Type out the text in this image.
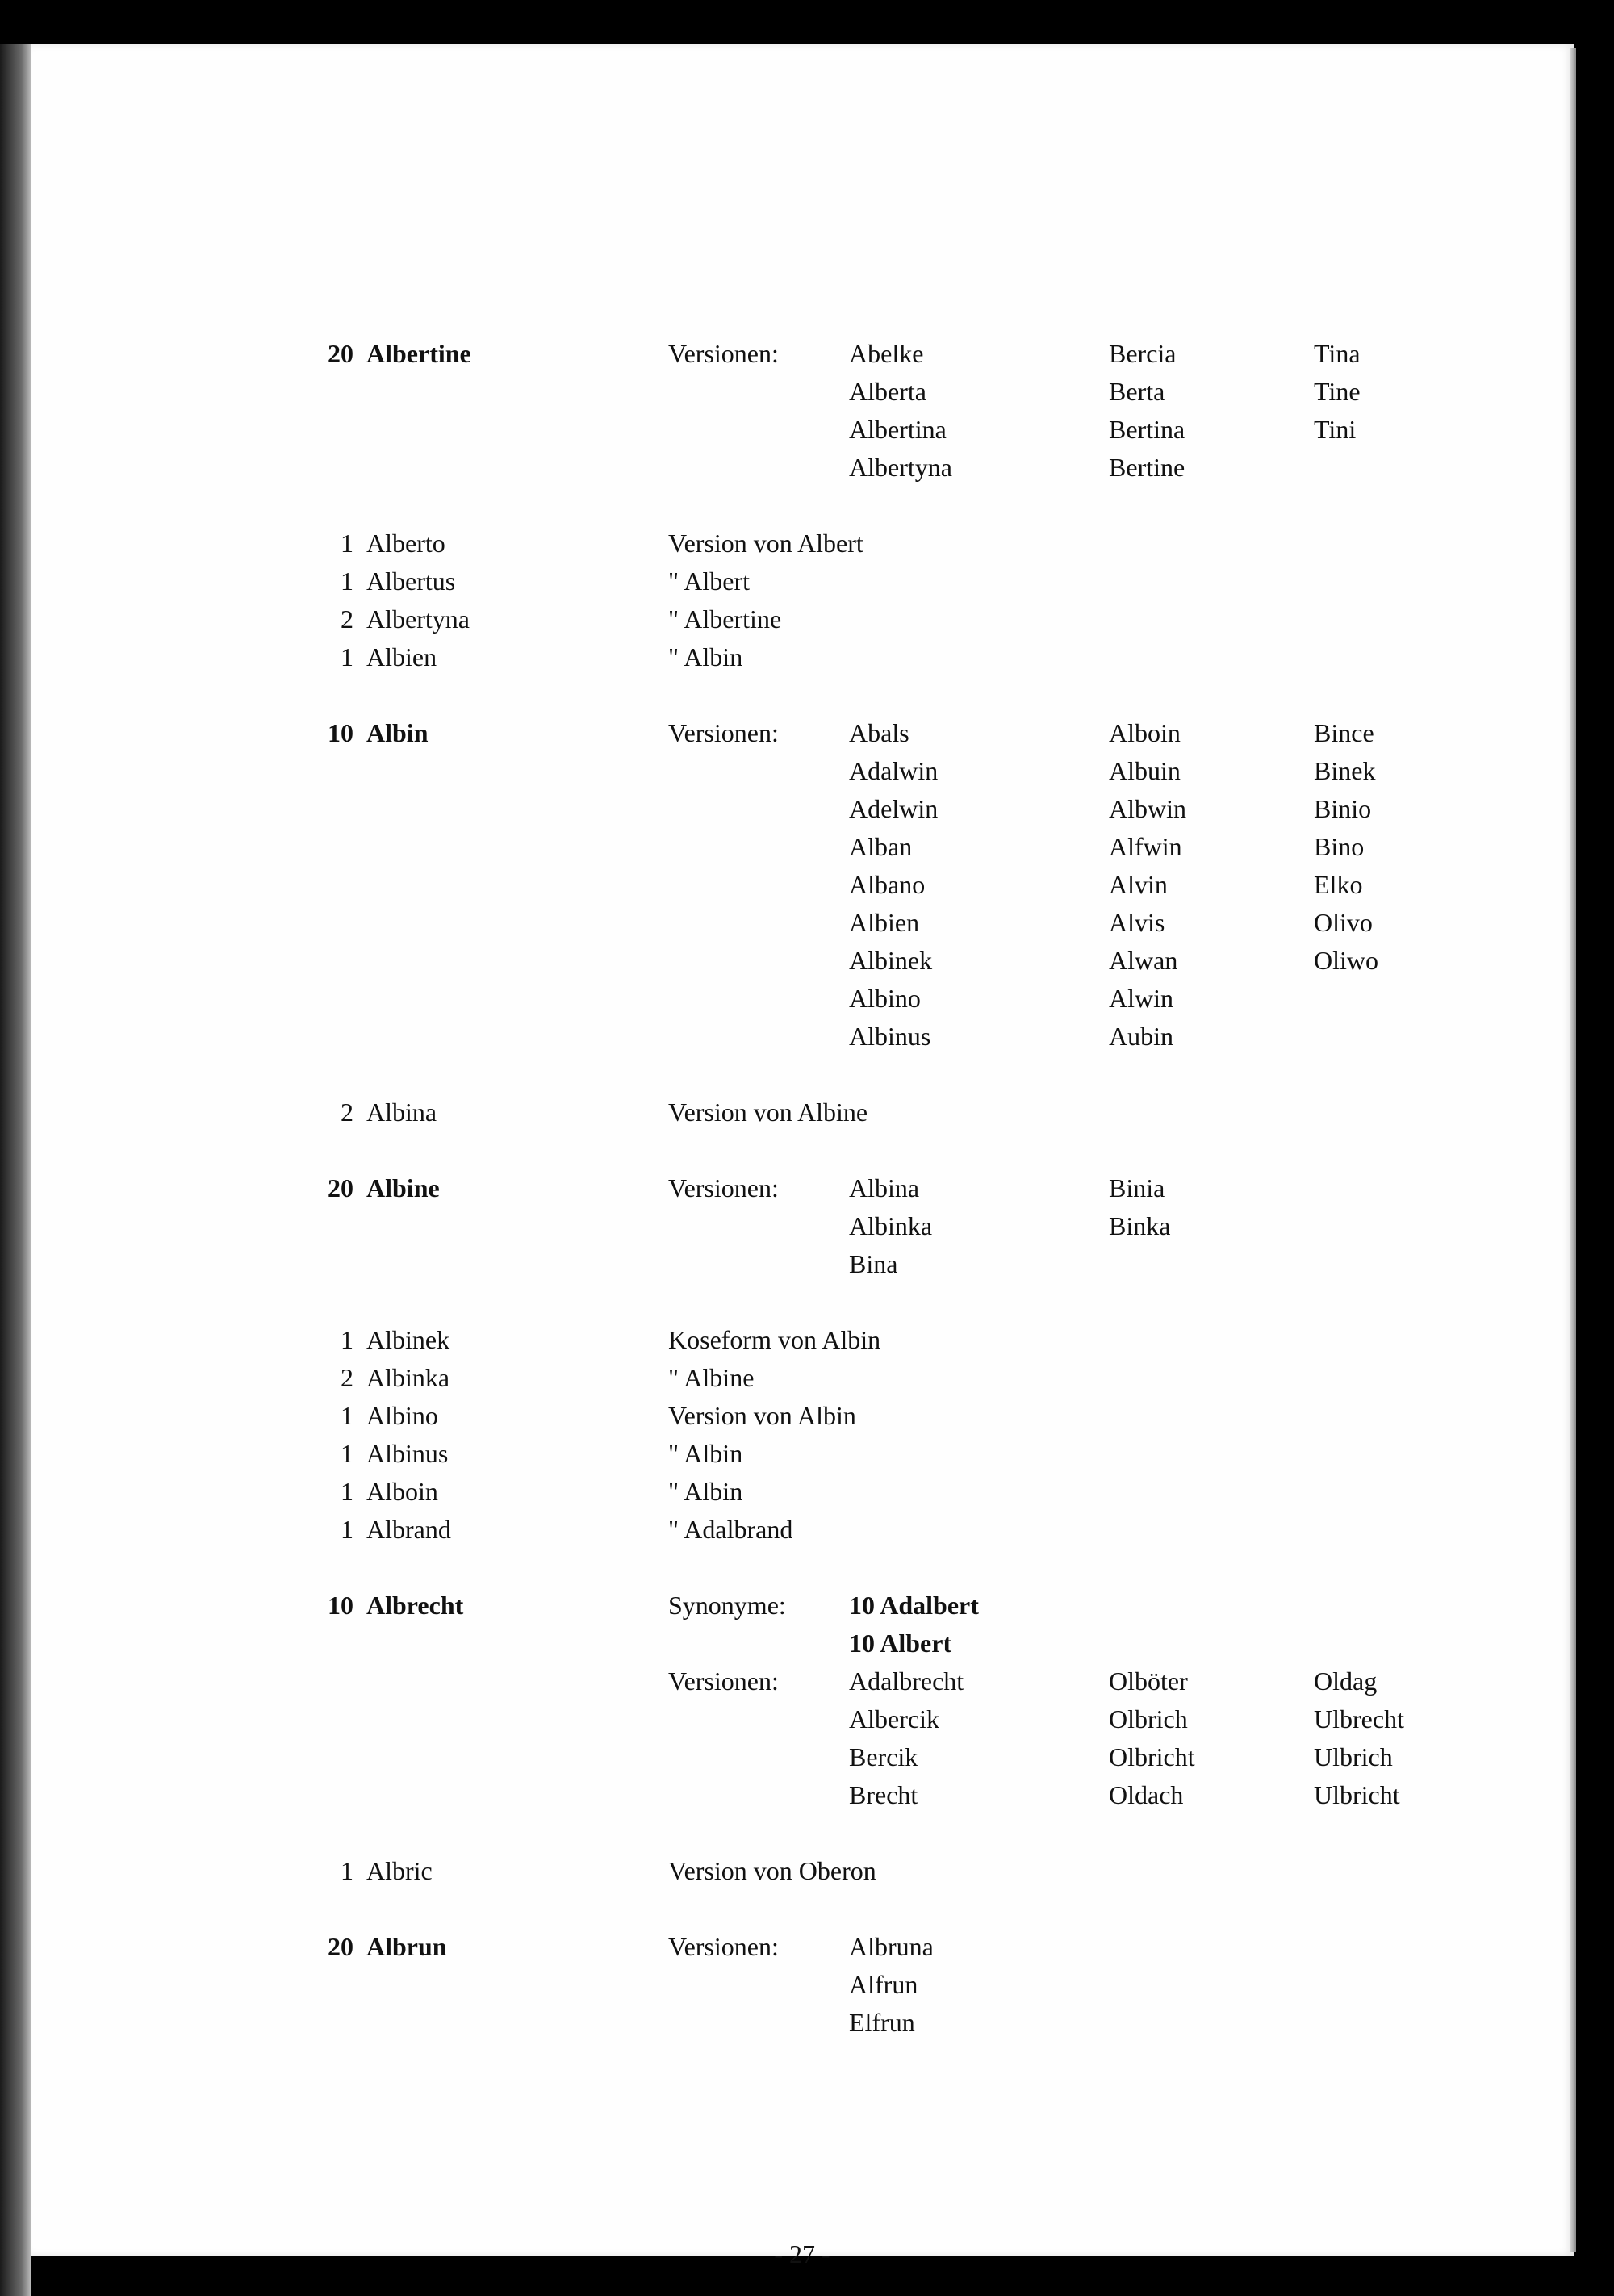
20 Albertine	Versionen:	Abelke	Bercia	Tina
Alberta	Berta	Tine
Albertina	Bertina	Tini
Albertyna	Bertine
1 Alberto	Version von Albert
1 Albertus	" Albert
2 Albertyna	" Albertine
1 Albien	" Albin
10 Albin	Versionen:	Abals	Alboin	Bince
Adalwin	Albuin	Binek
Adelwin	Albwin	Binio
Alban	Alfwin	Bino
Albano	Alvin	Elko
Albien	Alvis	Olivo
Albinek	Alwan	Oliwo
Albino	Alwin
Albinus	Aubin
2 Albina	Version von Albine
20 Albine	Versionen:	Albina	Binia
Albinka	Binka
Bina
1 Albinek	Koseform von Albin
2 Albinka	" Albine
1 Albino	Version von Albin
1 Albinus	" Albin
1 Alboin	" Albin
1 Albrand	" Adalbrand
10 Albrecht	Synonyme: 10 Adalbert
10 Albert
Versionen:	Adalbrecht	Olböter	Oldag
Albercik	Olbrich	Ulbrecht
Bercik	Olbricht	Ulbrich
Brecht	Oldach	Ulbricht
1 Albric	Version von Oberon
20 Albrun	Versionen:	Albruna
Alfrun
Elfrun
- 27 -
